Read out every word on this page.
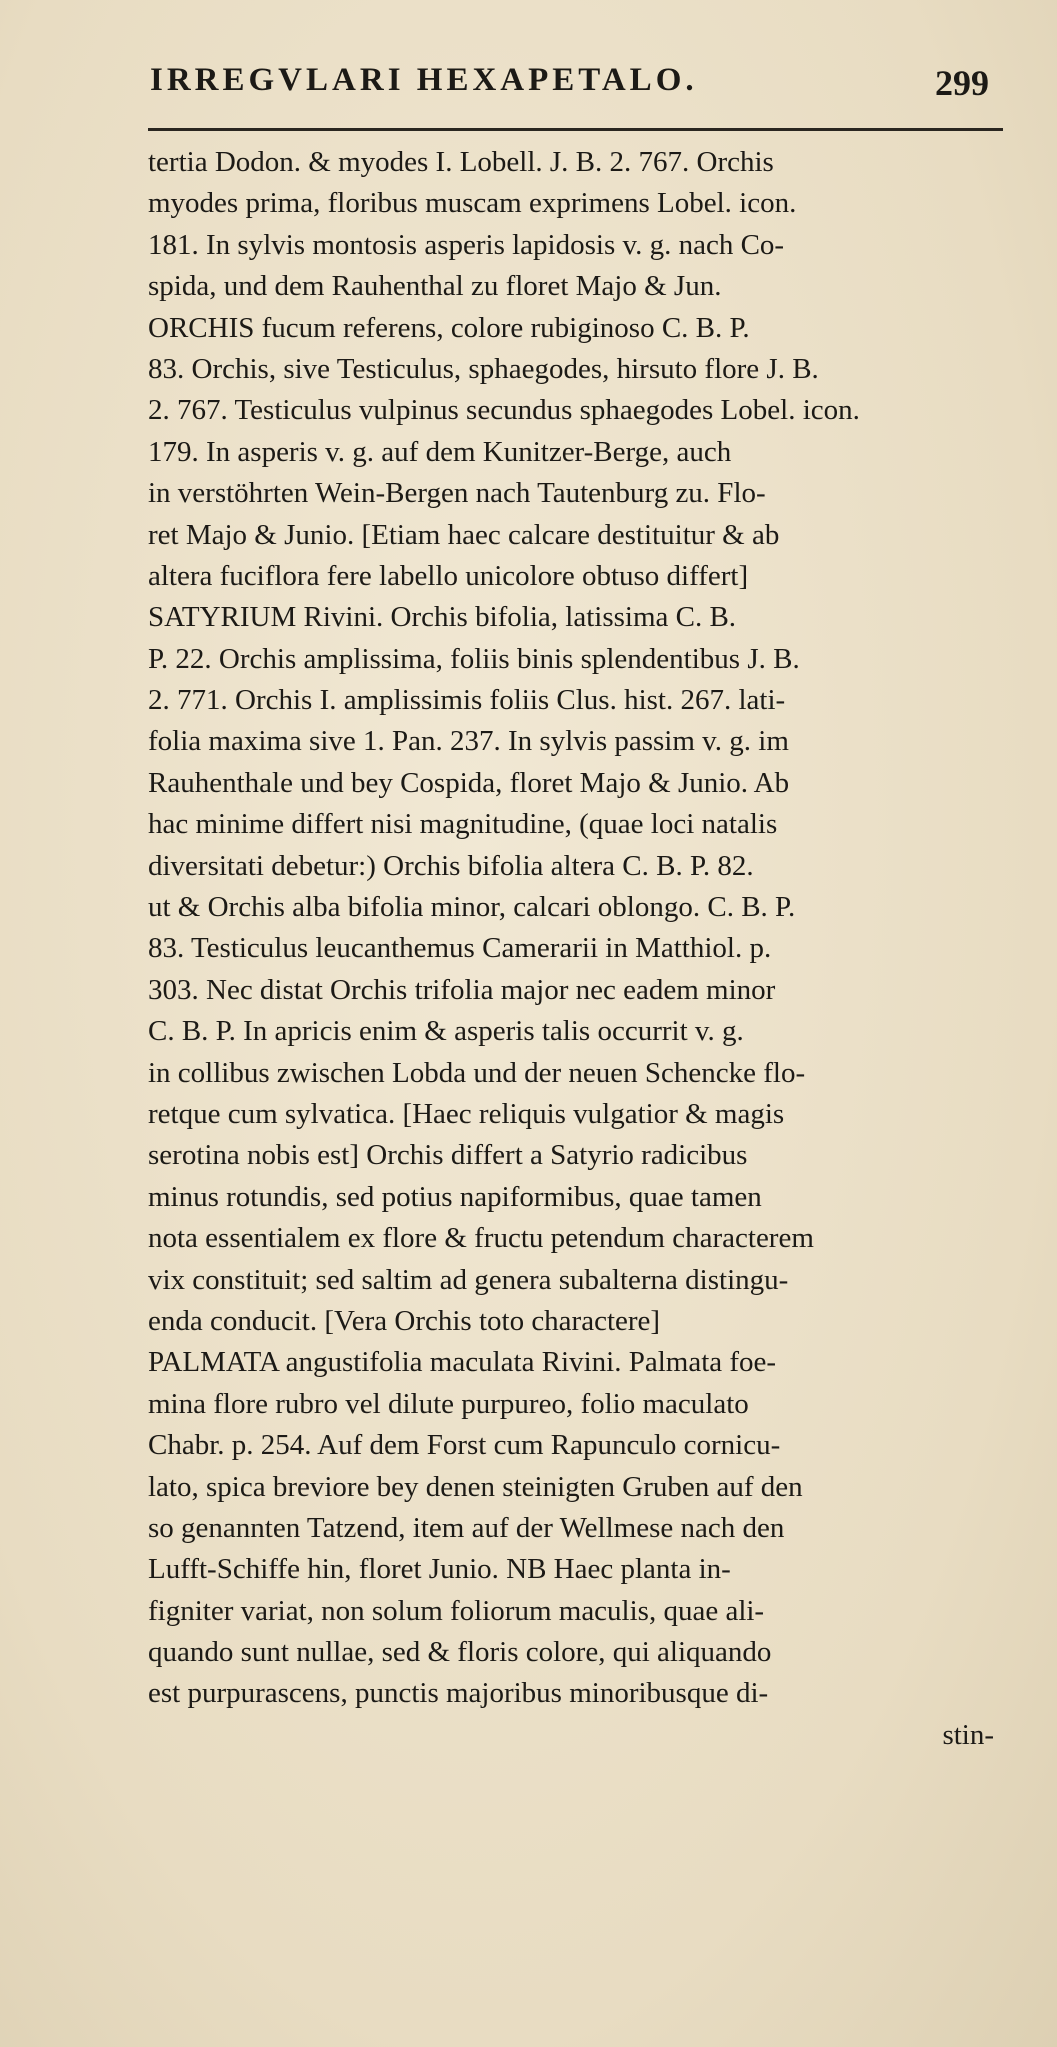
IRREGVLARI HEXAPETALO.	299
tertia Dodon. & myodes I. Lobell. J. B. 2. 767. Orchis
myodes prima, floribus muscam exprimens Lobel. icon.
181. In sylvis montosis asperis lapidosis v. g. nach Co-
spida, und dem Rauhenthal zu floret Majo & Jun.
ORCHIS fucum referens, colore rubiginoso C. B. P.
83. Orchis, sive Testiculus, sphaegodes, hirsuto flore J. B.
2. 767. Testiculus vulpinus secundus sphaegodes Lobel. icon.
179. In asperis v. g. auf dem Kunitzer-Berge, auch
in verstöhrten Wein-Bergen nach Tautenburg zu. Flo-
ret Majo & Junio. [Etiam haec calcare destituitur & ab
altera fuciflora fere labello unicolore obtuso differt]
SATYRIUM Rivini. Orchis bifolia, latissima C. B.
P. 22. Orchis amplissima, foliis binis splendentibus J. B.
2. 771. Orchis I. amplissimis foliis Clus. hist. 267. lati-
folia maxima sive 1. Pan. 237. In sylvis passim v. g. im
Rauhenthale und bey Cospida, floret Majo & Junio. Ab
hac minime differt nisi magnitudine, (quae loci natalis
diversitati debetur:) Orchis bifolia altera C. B. P. 82.
ut & Orchis alba bifolia minor, calcari oblongo. C. B. P.
83. Testiculus leucanthemus Camerarii in Matthiol. p.
303. Nec distat Orchis trifolia major nec eadem minor
C. B. P. In apricis enim & asperis talis occurrit v. g.
in collibus zwischen Lobda und der neuen Schencke flo-
retque cum sylvatica. [Haec reliquis vulgatior & magis
serotina nobis est] Orchis differt a Satyrio radicibus
minus rotundis, sed potius napiformibus, quae tamen
nota essentialem ex flore & fructu petendum characterem
vix constituit; sed saltim ad genera subalterna distingu-
enda conducit. [Vera Orchis toto charactere]
PALMATA angustifolia maculata Rivini. Palmata foe-
mina flore rubro vel dilute purpureo, folio maculato
Chabr. p. 254. Auf dem Forst cum Rapunculo cornicu-
lato, spica breviore bey denen steinigten Gruben auf den
so genannten Tatzend, item auf der Wellmese nach den
Lufft-Schiffe hin, floret Junio. NB Haec planta in-
figniter variat, non solum foliorum maculis, quae ali-
quando sunt nullae, sed & floris colore, qui aliquando
est purpurascens, punctis majoribus minoribusque di-
stin-
